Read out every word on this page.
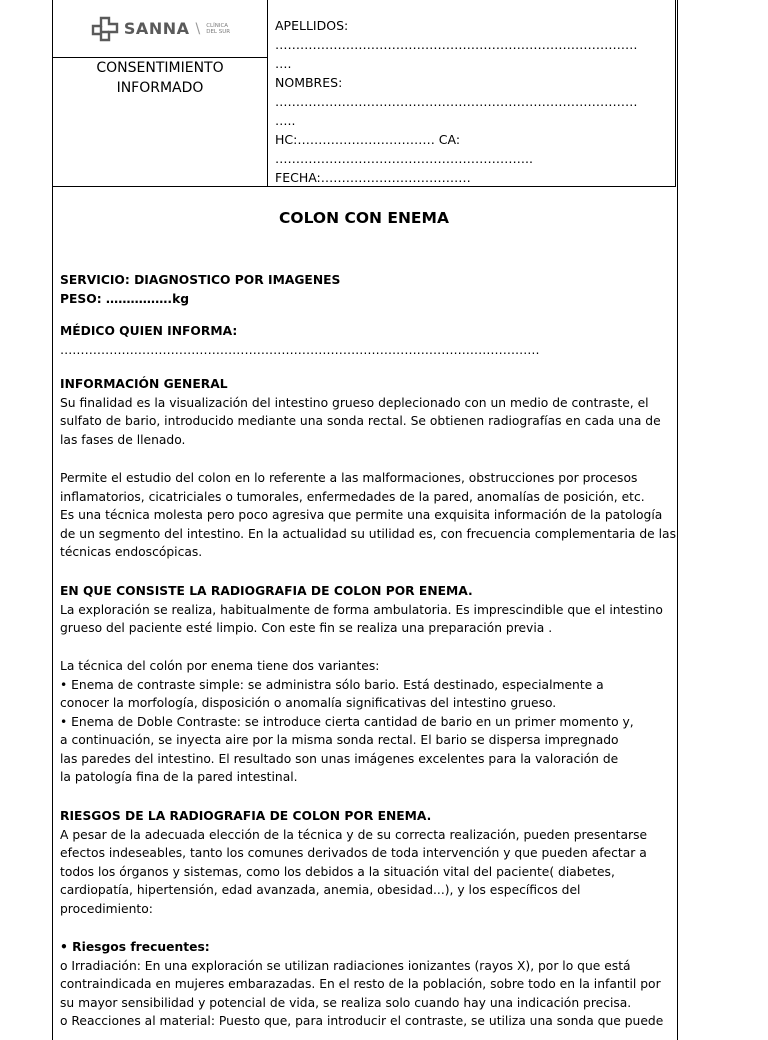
SANNA \ CLÍNICA
DEL SUR
CONSENTIMIENTO
INFORMADO
APELLIDOS:
……………………………………………………………………………
….
NOMBRES:
……………………………………………………………………………
…..
HC:…………………………… CA:
……………………………………………………..
FECHA:………………………………
COLON CON ENEMA
SERVICIO: DIAGNOSTICO POR IMAGENES
PESO: …………….kg
MÉDICO QUIEN INFORMA:
………………………………………………………………………………………………………
INFORMACIÓN GENERAL
Su finalidad es la visualización del intestino grueso deplecionado con un medio de contraste, el
sulfato de bario, introducido mediante una sonda rectal. Se obtienen radiografías en cada una de
las fases de llenado.
Permite el estudio del colon en lo referente a las malformaciones, obstrucciones por procesos
inflamatorios, cicatriciales o tumorales, enfermedades de la pared, anomalías de posición, etc.
Es una técnica molesta pero poco agresiva que permite una exquisita información de la patología
de un segmento del intestino. En la actualidad su utilidad es, con frecuencia complementaria de las
técnicas endoscópicas.
EN QUE CONSISTE LA RADIOGRAFIA DE COLON POR ENEMA.
La exploración se realiza, habitualmente de forma ambulatoria. Es imprescindible que el intestino
grueso del paciente esté limpio. Con este fin se realiza una preparación previa .
La técnica del colón por enema tiene dos variantes:
• Enema de contraste simple: se administra sólo bario. Está destinado, especialmente a
conocer la morfología, disposición o anomalía significativas del intestino grueso.
• Enema de Doble Contraste: se introduce cierta cantidad de bario en un primer momento y,
a continuación, se inyecta aire por la misma sonda rectal. El bario se dispersa impregnado
las paredes del intestino. El resultado son unas imágenes excelentes para la valoración de
la patología fina de la pared intestinal.
RIESGOS DE LA RADIOGRAFIA DE COLON POR ENEMA.
A pesar de la adecuada elección de la técnica y de su correcta realización, pueden presentarse
efectos indeseables, tanto los comunes derivados de toda intervención y que pueden afectar a
todos los órganos y sistemas, como los debidos a la situación vital del paciente( diabetes,
cardiopatía, hipertensión, edad avanzada, anemia, obesidad...), y los específicos del
procedimiento:
• Riesgos frecuentes:
o Irradiación: En una exploración se utilizan radiaciones ionizantes (rayos X), por lo que está
contraindicada en mujeres embarazadas. En el resto de la población, sobre todo en la infantil por
su mayor sensibilidad y potencial de vida, se realiza solo cuando hay una indicación precisa.
o Reacciones al material: Puesto que, para introducir el contraste, se utiliza una sonda que puede
